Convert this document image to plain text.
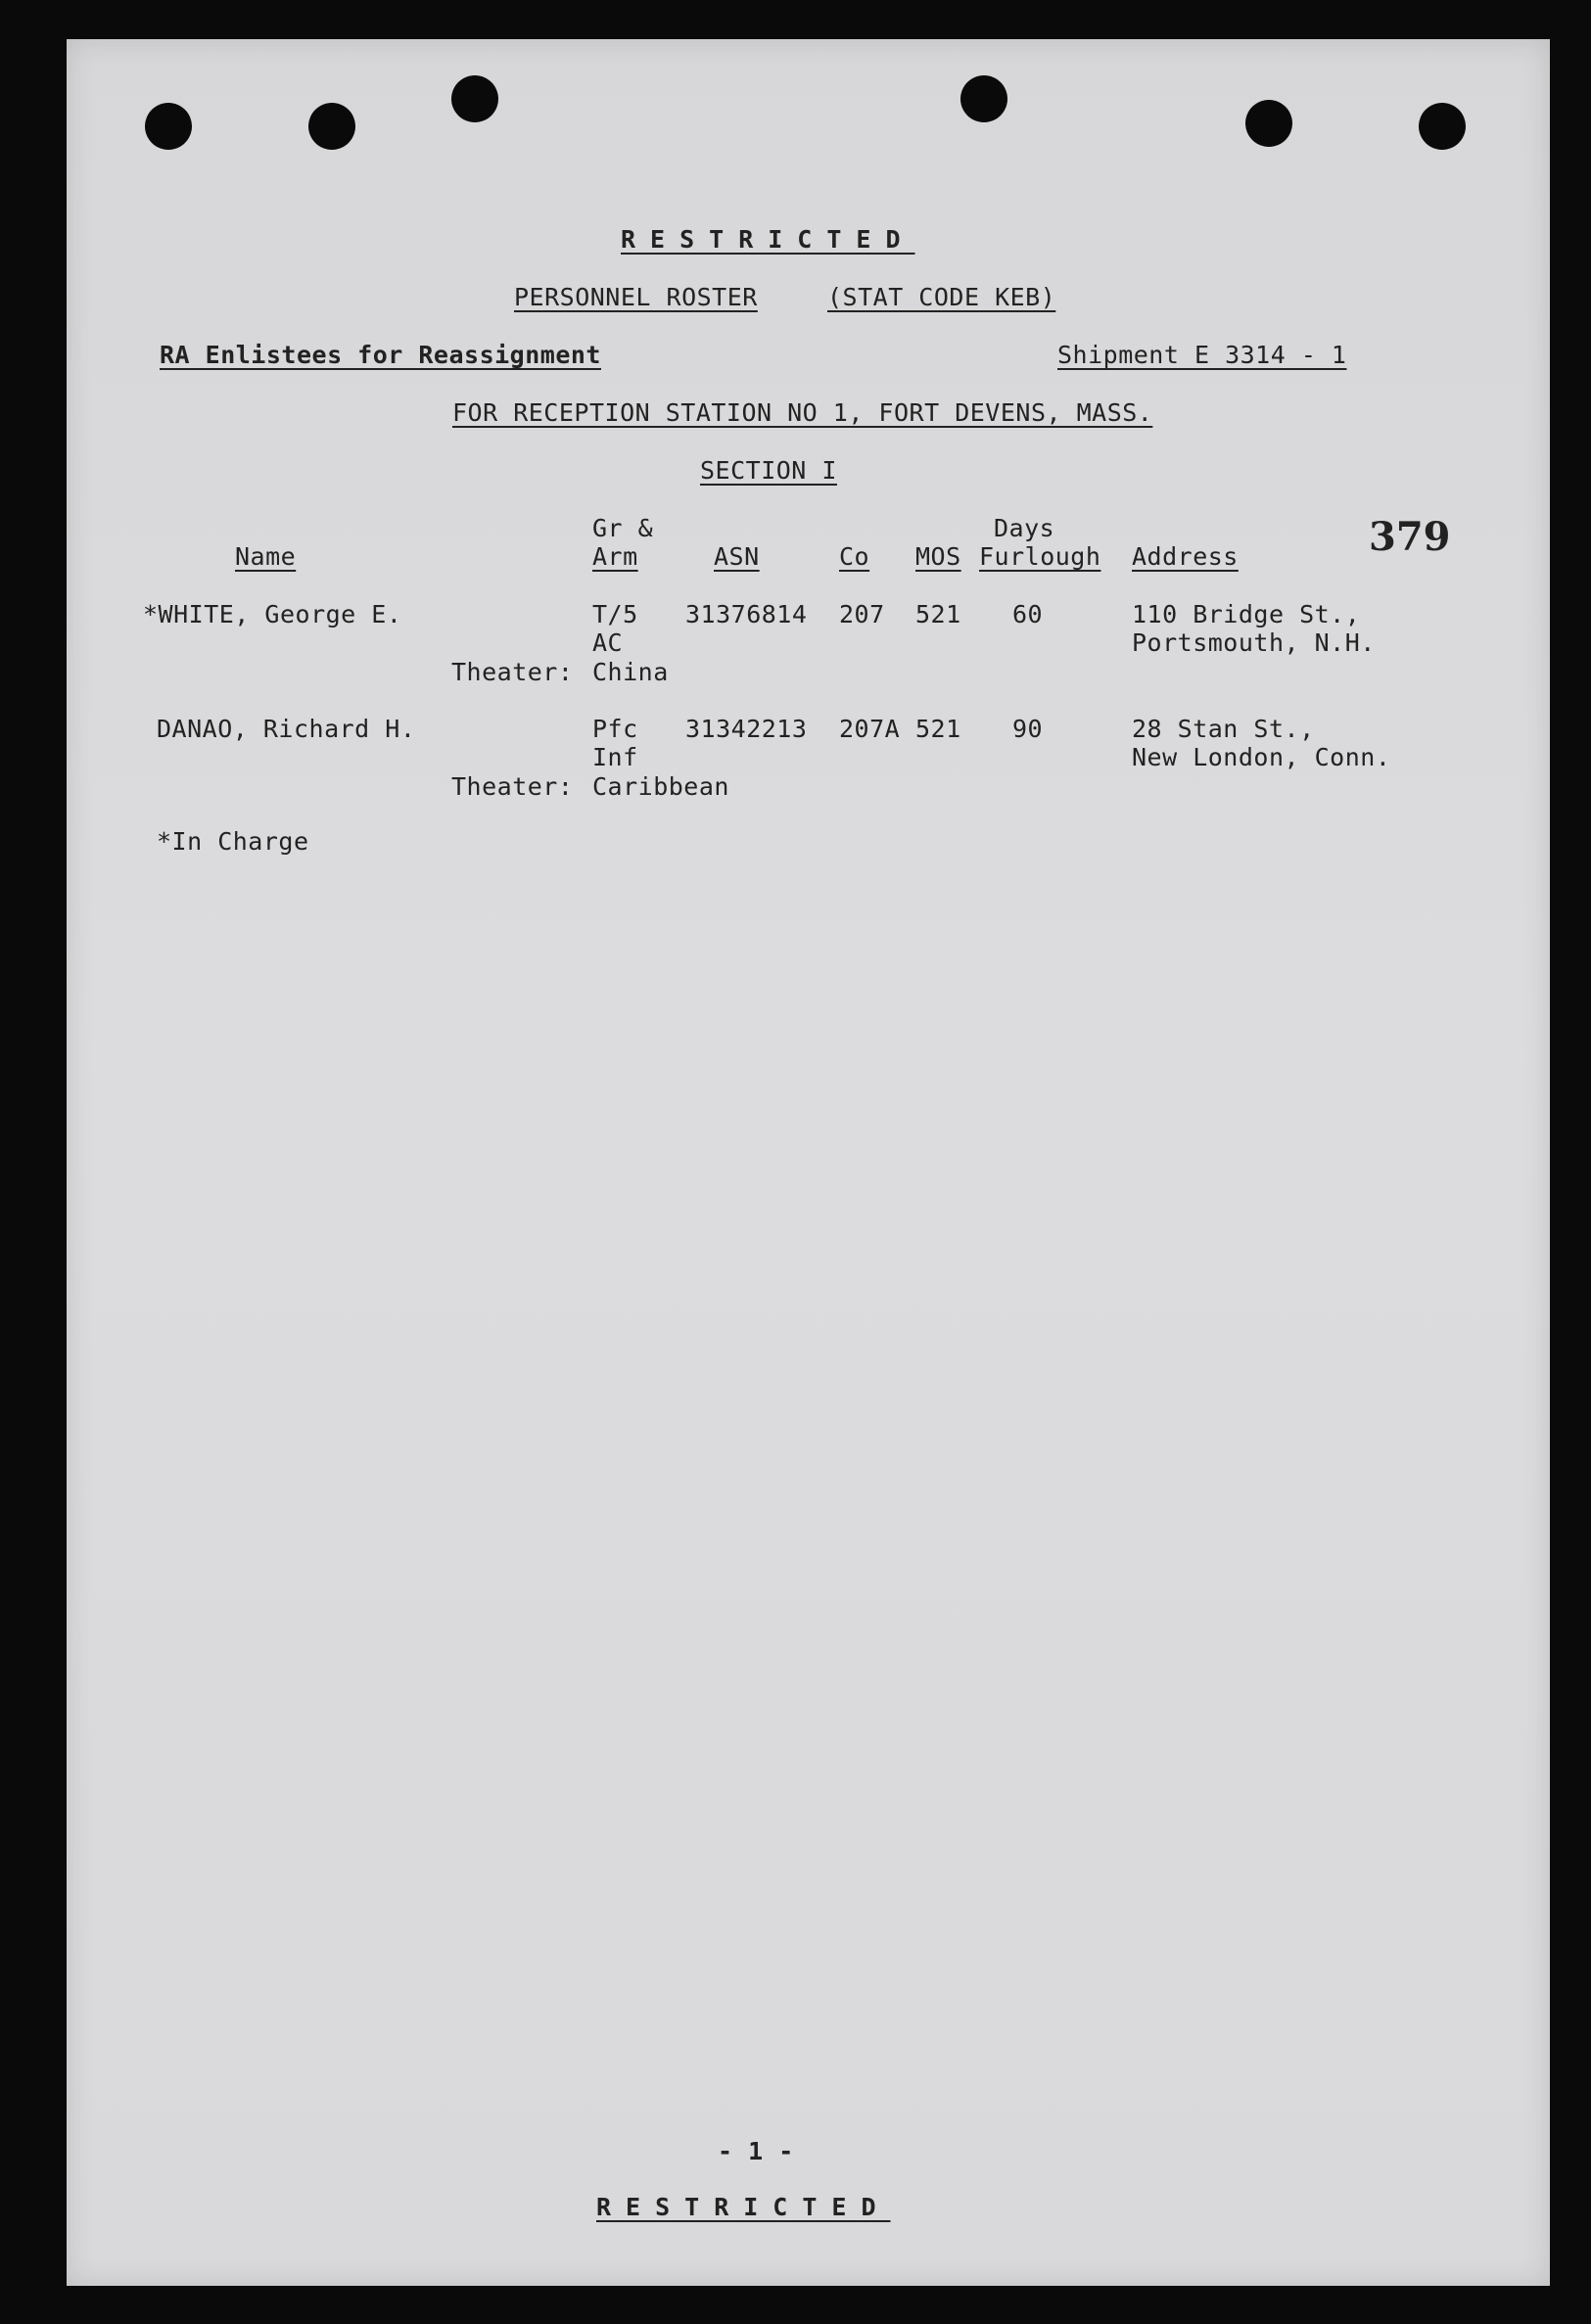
RESTRICTED
PERSONNEL ROSTER	(STAT CODE KEB)
RA Enlistees for Reassignment	Shipment E 3314 - 1
FOR RECEPTION STATION NO 1, FORT DEVENS, MASS.
SECTION I
379
Gr &	Days
Name	Arm	ASN	Co MOS Furlough Address
*WHITE, George E.	T/5 31376814 207 521 60	110 Bridge St.,
AC	Portsmouth, N.H.
Theater: China
DANAO, Richard H.	Pfc 31342213 207A 521 90	28 Stan St.,
Inf	New London, Conn.
Theater: Caribbean
*In Charge
- 1 -
RESTRICTED
